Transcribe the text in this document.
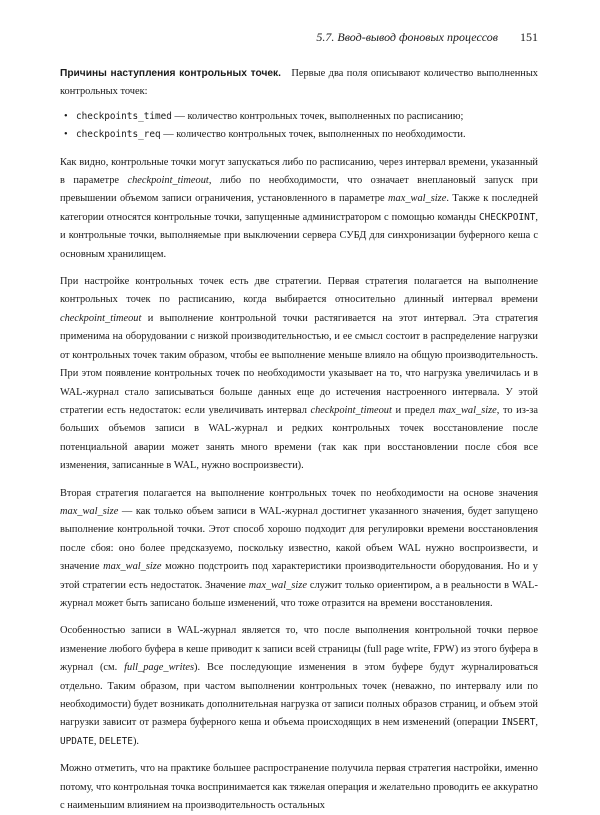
5.7. Ввод-вывод фоновых процессов 151

Причины наступления контрольных точек. Первые два поля описывают количество выполненных контрольных точек:

• checkpoints_timed — количество контрольных точек, выполненных по расписанию;
• checkpoints_req — количество контрольных точек, выполненных по необходимости.

Как видно, контрольные точки могут запускаться либо по расписанию, через интервал времени, указанный в параметре checkpoint_timeout, либо по необходимости, что означает внеплановый запуск при превышении объемом записи ограничения, установленного в параметре max_wal_size. Также к последней категории относятся контрольные точки, запущенные администратором с помощью команды CHECKPOINT, и контрольные точки, выполняемые при выключении сервера СУБД для синхронизации буферного кеша с основным хранилищем.

При настройке контрольных точек есть две стратегии. Первая стратегия полагается на выполнение контрольных точек по расписанию, когда выбирается относительно длинный интервал времени checkpoint_timeout и выполнение контрольной точки растягивается на этот интервал. Эта стратегия применима на оборудовании с низкой производительностью, и ее смысл состоит в распределение нагрузки от контрольных точек таким образом, чтобы ее выполнение меньше влияло на общую производительность. При этом появление контрольных точек по необходимости указывает на то, что нагрузка увеличилась и в WAL-журнал стало записываться больше данных еще до истечения настроенного интервала. У этой стратегии есть недостаток: если увеличивать интервал checkpoint_timeout и предел max_wal_size, то из-за больших объемов записи в WAL-журнал и редких контрольных точек восстановление после потенциальной аварии может занять много времени (так как при восстановлении после сбоя все изменения, записанные в WAL, нужно воспроизвести).

Вторая стратегия полагается на выполнение контрольных точек по необходимости на основе значения max_wal_size — как только объем записи в WAL-журнал достигнет указанного значения, будет запущено выполнение контрольной точки. Этот способ хорошо подходит для регулировки времени восстановления после сбоя: оно более предсказуемо, поскольку известно, какой объем WAL нужно воспроизвести, и значение max_wal_size можно подстроить под характеристики производительности оборудования. Но и у этой стратегии есть недостаток. Значение max_wal_size служит только ориентиром, а в реальности в WAL-журнал может быть записано больше изменений, что тоже отразится на времени восстановления.

Особенностью записи в WAL-журнал является то, что после выполнения контрольной точки первое изменение любого буфера в кеше приводит к записи всей страницы (full page write, FPW) из этого буфера в журнал (см. full_page_writes). Все последующие изменения в этом буфере будут журналироваться отдельно. Таким образом, при частом выполнении контрольных точек (неважно, по интервалу или по необходимости) будет возникать дополнительная нагрузка от записи полных образов страниц, и объем этой нагрузки зависит от размера буферного кеша и объема происходящих в нем изменений (операции INSERT, UPDATE, DELETE).

Можно отметить, что на практике большее распространение получила первая стратегия настройки, именно потому, что контрольная точка воспринимается как тяжелая операция и желательно проводить ее аккуратно с наименьшим влиянием на производительность остальных
